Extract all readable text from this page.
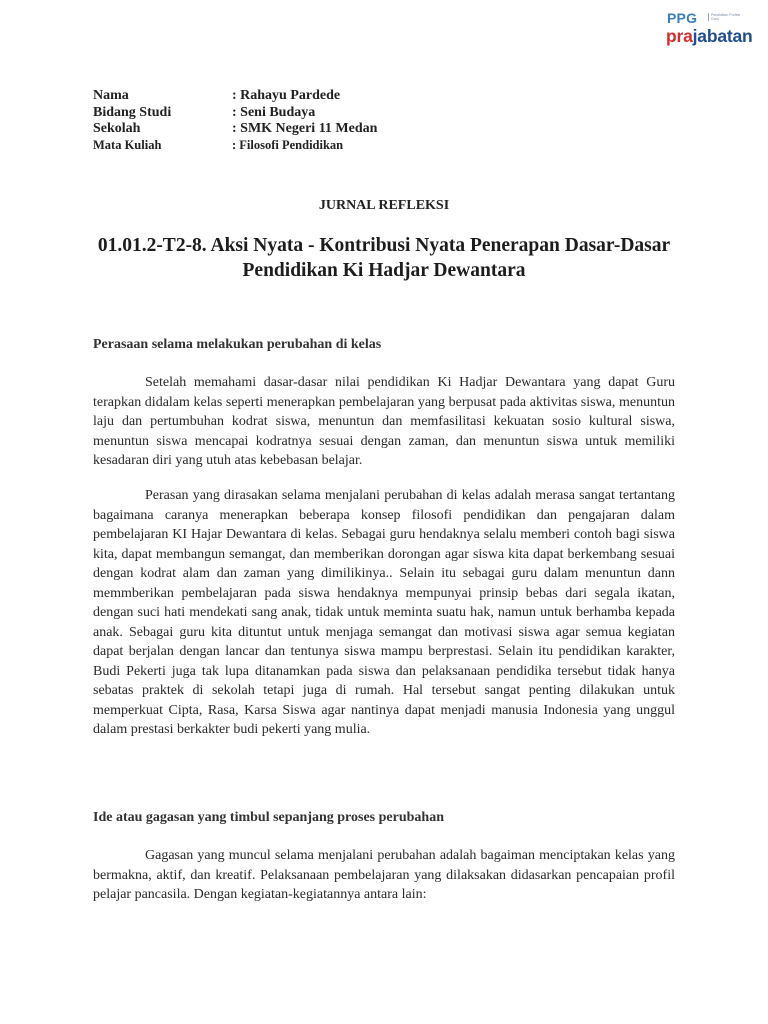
PPG	Pendidikan Profesi Guru
prajabatan
Nama	: Rahayu Pardede
Bidang Studi	: Seni Budaya
Sekolah	: SMK Negeri 11 Medan
Mata Kuliah	: Filosofi Pendidikan
JURNAL REFLEKSI
01.01.2-T2-8. Aksi Nyata - Kontribusi Nyata Penerapan Dasar-Dasar Pendidikan Ki Hadjar Dewantara
Perasaan selama melakukan perubahan di kelas

Setelah memahami dasar-dasar nilai pendidikan Ki Hadjar Dewantara yang dapat Guru terapkan didalam kelas seperti menerapkan pembelajaran yang berpusat pada aktivitas siswa, menuntun laju dan pertumbuhan kodrat siswa, menuntun dan memfasilitasi kekuatan sosio kultural siswa, menuntun siswa mencapai kodratnya sesuai dengan zaman, dan menuntun siswa untuk memiliki kesadaran diri yang utuh atas kebebasan belajar.

Perasan yang dirasakan selama menjalani perubahan di kelas adalah merasa sangat tertantang bagaimana caranya menerapkan beberapa konsep filosofi pendidikan dan pengajaran dalam pembelajaran KI Hajar Dewantara di kelas. Sebagai guru hendaknya selalu memberi contoh bagi siswa kita, dapat membangun semangat, dan memberikan dorongan agar siswa kita dapat berkembang sesuai dengan kodrat alam dan zaman yang dimilikinya.. Selain itu sebagai guru dalam menuntun dann memmberikan pembelajaran pada siswa hendaknya mempunyai prinsip bebas dari segala ikatan, dengan suci hati mendekati sang anak, tidak untuk meminta suatu hak, namun untuk berhamba kepada anak. Sebagai guru kita dituntut untuk menjaga semangat dan motivasi siswa agar semua kegiatan dapat berjalan dengan lancar dan tentunya siswa mampu berprestasi. Selain itu pendidikan karakter, Budi Pekerti juga tak lupa ditanamkan pada siswa dan pelaksanaan pendidika tersebut tidak hanya sebatas praktek di sekolah tetapi juga di rumah. Hal tersebut sangat penting dilakukan untuk memperkuat Cipta, Rasa, Karsa Siswa agar nantinya dapat menjadi manusia Indonesia yang unggul dalam prestasi berkakter budi pekerti yang mulia.

Ide atau gagasan yang timbul sepanjang proses perubahan

Gagasan yang muncul selama menjalani perubahan adalah bagaiman menciptakan kelas yang bermakna, aktif, dan kreatif. Pelaksanaan pembelajaran yang dilaksakan didasarkan pencapaian profil pelajar pancasila. Dengan kegiatan-kegiatannya antara lain:
